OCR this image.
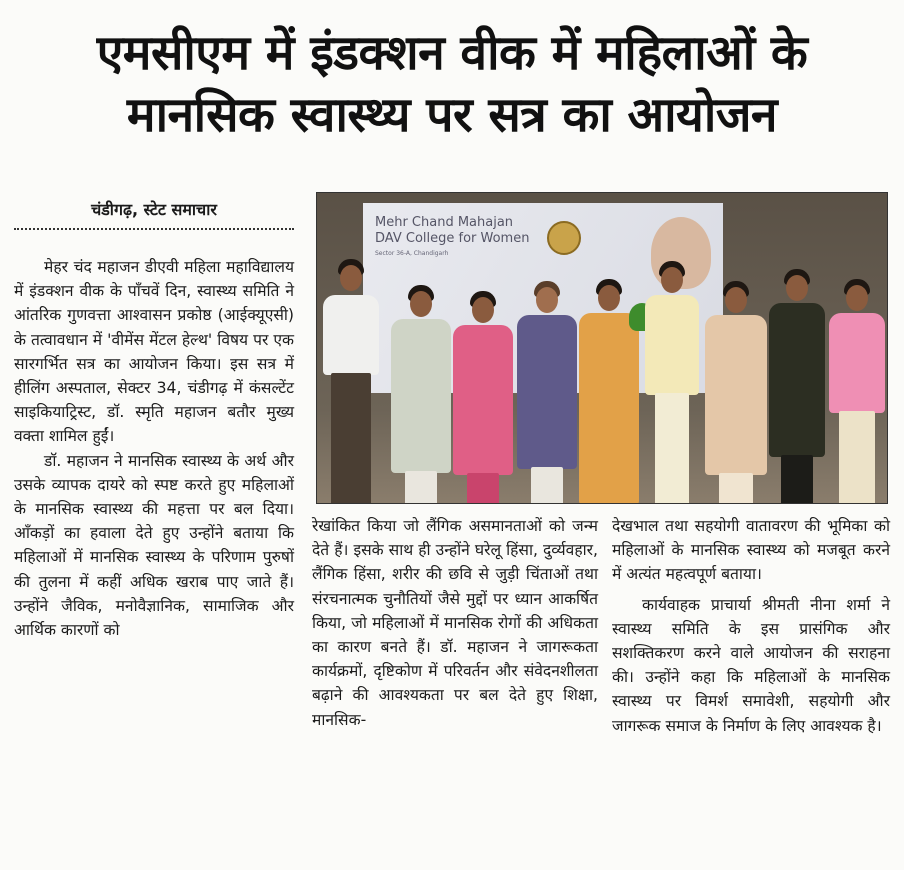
एमसीएम में इंडक्शन वीक में महिलाओं के
मानसिक स्वास्थ्य पर सत्र का आयोजन
चंडीगढ़, स्टेट समाचार

मेहर चंद महाजन डीएवी महिला महाविद्यालय में इंडक्शन वीक के पाँचवें दिन, स्वास्थ्य समिति ने आंतरिक गुणवत्ता आश्वासन प्रकोष्ठ (आईक्यूएसी) के तत्वावधान में 'वीमेंस मेंटल हेल्थ' विषय पर एक सारगर्भित सत्र का आयोजन किया। इस सत्र में हीलिंग अस्पताल, सेक्टर 34, चंडीगढ़ में कंसल्टेंट साइकियाट्रिस्ट, डॉ. स्मृति महाजन बतौर मुख्य वक्ता शामिल हुईं।

डॉ. महाजन ने मानसिक स्वास्थ्य के अर्थ और उसके व्यापक दायरे को स्पष्ट करते हुए महिलाओं के मानसिक स्वास्थ्य की महत्ता पर बल दिया। आँकड़ों का हवाला देते हुए उन्होंने बताया कि महिलाओं में मानसिक स्वास्थ्य के परिणाम पुरुषों की तुलना में कहीं अधिक खराब पाए जाते हैं। उन्होंने जैविक, मनोवैज्ञानिक, सामाजिक और आर्थिक कारणों को

Mehr Chand Mahajan
DAV College for Women
Sector 36-A, Chandigarh

रेखांकित किया जो लैंगिक असमानताओं को जन्म देते हैं। इसके साथ ही उन्होंने घरेलू हिंसा, दुर्व्यवहार, लैंगिक हिंसा, शरीर की छवि से जुड़ी चिंताओं तथा संरचनात्मक चुनौतियों जैसे मुद्दों पर ध्यान आकर्षित किया, जो महिलाओं में मानसिक रोगों की अधिकता का कारण बनते हैं। डॉ. महाजन ने जागरूकता कार्यक्रमों, दृष्टिकोण में परिवर्तन और संवेदनशीलता बढ़ाने की आवश्यकता पर बल देते हुए शिक्षा, मानसिक-

देखभाल तथा सहयोगी वातावरण की भूमिका को महिलाओं के मानसिक स्वास्थ्य को मजबूत करने में अत्यंत महत्वपूर्ण बताया।

कार्यवाहक प्राचार्या श्रीमती नीना शर्मा ने स्वास्थ्य समिति के इस प्रासंगिक और सशक्तिकरण करने वाले आयोजन की सराहना की। उन्होंने कहा कि महिलाओं के मानसिक स्वास्थ्य पर विमर्श समावेशी, सहयोगी और जागरूक समाज के निर्माण के लिए आवश्यक है।
